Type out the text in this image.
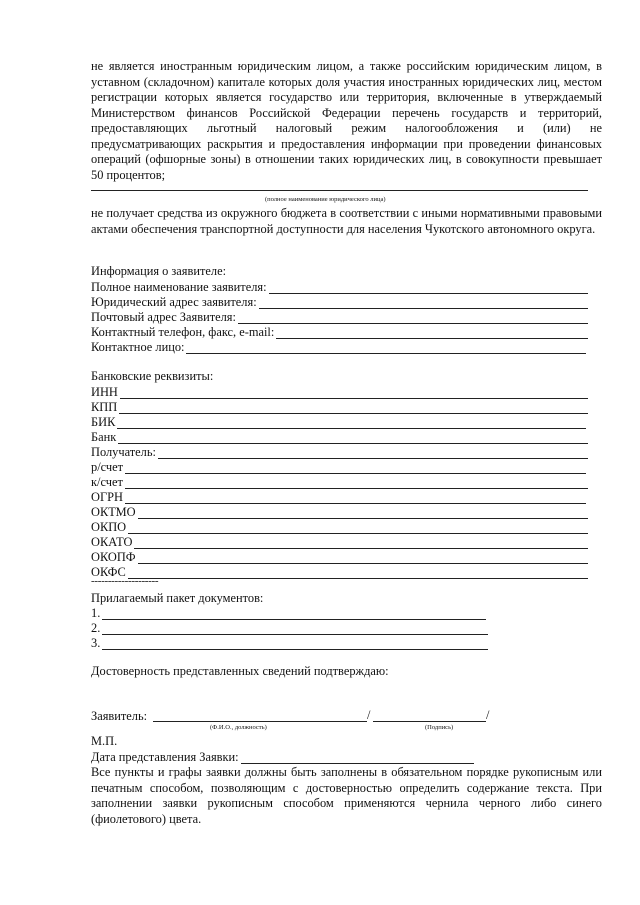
не является иностранным юридическим лицом, а также российским юридическим лицом, в уставном (складочном) капитале которых доля участия иностранных юридических лиц, местом регистрации которых является государство или территория, включенные в утверждаемый Министерством финансов Российской Федерации перечень государств и территорий, предоставляющих льготный налоговый режим налогообложения и (или) не предусматривающих раскрытия и предоставления информации при проведении финансовых операций (офшорные зоны) в отношении таких юридических лиц, в совокупности превышает 50 процентов;
(полное наименование юридического лица)
не получает средства из окружного бюджета в соответствии с иными нормативными правовыми актами обеспечения транспортной доступности для населения Чукотского автономного округа.
Информация о заявителе:
Полное наименование заявителя:
Юридический адрес заявителя:
Почтовый адрес Заявителя:
Контактный телефон, факс, e-mail:
Контактное лицо:
Банковские реквизиты:
ИНН
КПП
БИК
Банк
Получатель:
р/счет
к/счет
ОГРН
ОКТМО
ОКПО
ОКАТО
ОКОПФ
ОКФС
--------------------
Прилагаемый пакет документов:
1.
2.
3.
Достоверность представленных сведений подтверждаю:
Заявитель:	/	/
(Ф.И.О., должность)	(Подпись)
М.П.
Дата представления Заявки:
Все пункты и графы заявки должны быть заполнены в обязательном порядке рукописным или печатным способом, позволяющим с достоверностью определить содержание текста. При заполнении заявки рукописным способом применяются чернила черного либо синего (фиолетового) цвета.
